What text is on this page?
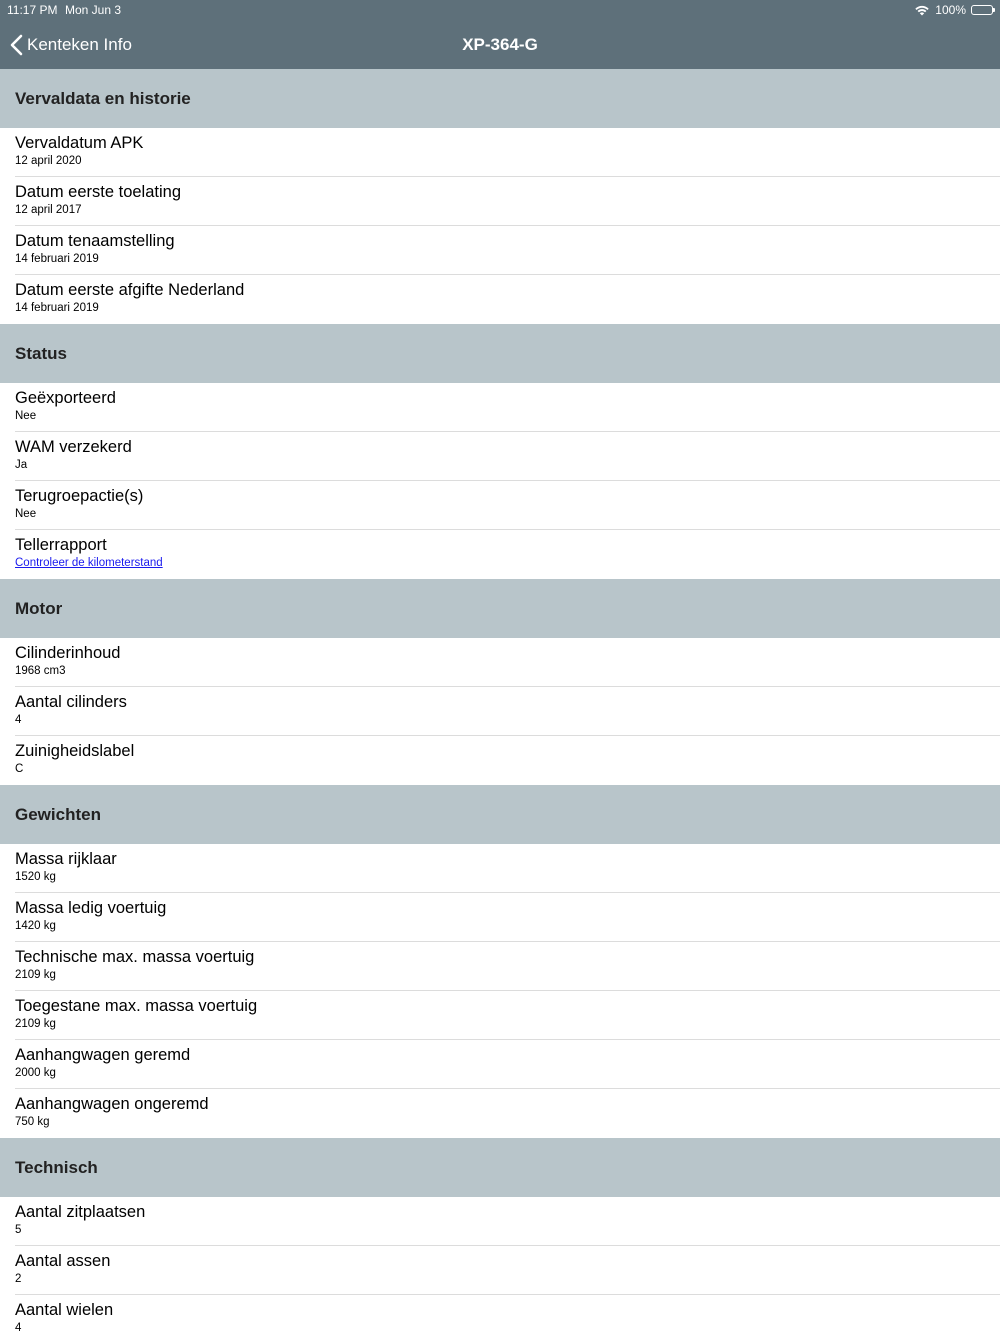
11:17 PM Mon Jun 3	100%
Kenteken Info	XP-364-G
Vervaldata en historie
Vervaldatum APK
12 april 2020
Datum eerste toelating
12 april 2017
Datum tenaamstelling
14 februari 2019
Datum eerste afgifte Nederland
14 februari 2019
Status
Geëxporteerd
Nee
WAM verzekerd
Ja
Terugroepactie(s)
Nee
Tellerrapport
Controleer de kilometerstand
Motor
Cilinderinhoud
1968 cm3
Aantal cilinders
4
Zuinigheidslabel
C
Gewichten
Massa rijklaar
1520 kg
Massa ledig voertuig
1420 kg
Technische max. massa voertuig
2109 kg
Toegestane max. massa voertuig
2109 kg
Aanhangwagen geremd
2000 kg
Aanhangwagen ongeremd
750 kg
Technisch
Aantal zitplaatsen
5
Aantal assen
2
Aantal wielen
4
